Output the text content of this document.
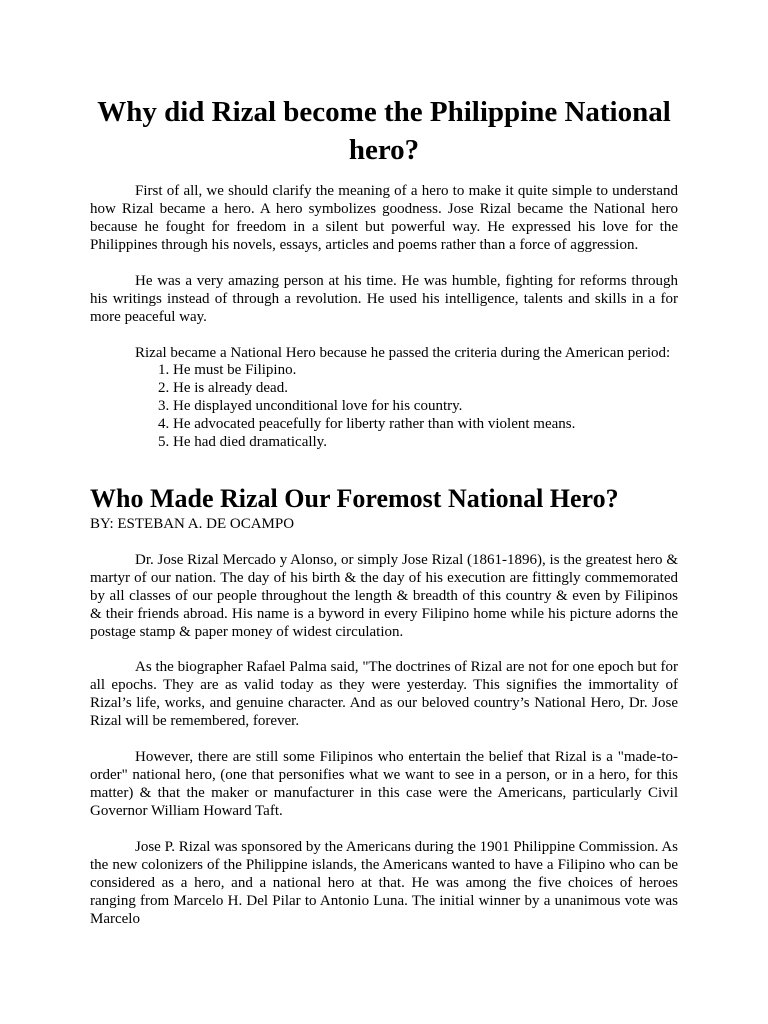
Why did Rizal become the Philippine National hero?

First of all, we should clarify the meaning of a hero to make it quite simple to understand how Rizal became a hero. A hero symbolizes goodness. Jose Rizal became the National hero because he fought for freedom in a silent but powerful way. He expressed his love for the Philippines through his novels, essays, articles and poems rather than a force of aggression.

He was a very amazing person at his time. He was humble, fighting for reforms through his writings instead of through a revolution. He used his intelligence, talents and skills in a for more peaceful way.

Rizal became a National Hero because he passed the criteria during the American period:

1. He must be Filipino.
2. He is already dead.
3. He displayed unconditional love for his country.
4. He advocated peacefully for liberty rather than with violent means.
5. He had died dramatically.
Who Made Rizal Our Foremost National Hero?

BY: ESTEBAN A. DE OCAMPO

Dr. Jose Rizal Mercado y Alonso, or simply Jose Rizal (1861-1896), is the greatest hero & martyr of our nation. The day of his birth & the day of his execution are fittingly commemorated by all classes of our people throughout the length & breadth of this country & even by Filipinos & their friends abroad. His name is a byword in every Filipino home while his picture adorns the postage stamp & paper money of widest circulation.

As the biographer Rafael Palma said, "The doctrines of Rizal are not for one epoch but for all epochs. They are as valid today as they were yesterday. This signifies the immortality of Rizal’s life, works, and genuine character. And as our beloved country’s National Hero, Dr. Jose Rizal will be remembered, forever.

However, there are still some Filipinos who entertain the belief that Rizal is a "made-to-order" national hero, (one that personifies what we want to see in a person, or in a hero, for this matter) & that the maker or manufacturer in this case were the Americans, particularly Civil Governor William Howard Taft.

Jose P. Rizal was sponsored by the Americans during the 1901 Philippine Commission. As the new colonizers of the Philippine islands, the Americans wanted to have a Filipino who can be considered as a hero, and a national hero at that. He was among the five choices of heroes ranging from Marcelo H. Del Pilar to Antonio Luna. The initial winner by a unanimous vote was Marcelo
